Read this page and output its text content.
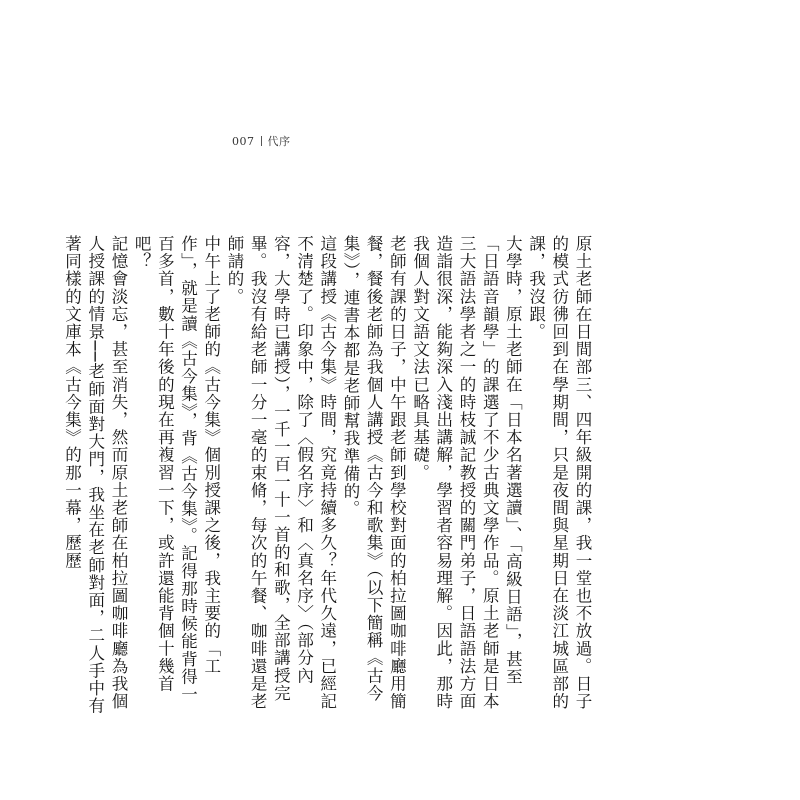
007 代序

原土老師在日間部三、四年級開的課，我一堂也不放過。日子的模式彷彿回到在學期間，只是夜間與星期日在淡江城區部的課，我沒跟。

大學時，原土老師在「日本名著選讀」、「高級日語」，甚至「日語音韻學」的課選了不少古典文學作品。原土老師是日本三大語法學者之一的時枝誠記教授的關門弟子，日語語法方面造詣很深，能夠深入淺出講解，學習者容易理解。因此，那時我個人對文語文法已略具基礎。

老師有課的日子，中午跟老師到學校對面的柏拉圖咖啡廳用簡餐，餐後老師為我個人講授《古今和歌集》（以下簡稱《古今集》），連書本都是老師幫我準備的。

這段講授《古今集》時間，究竟持續多久？年代久遠，已經記不清楚了。印象中，除了〈假名序〉和〈真名序〉（部分內容，大學時已講授），一千一百一十一首的和歌，全部講授完畢。我沒有給老師一分一毫的束脩，每次的午餐、咖啡還是老師請的。

中午上了老師的《古今集》個別授課之後，我主要的「工作」，就是讀《古今集》，背《古今集》。記得那時候能背得一百多首，數十年後的現在再複習一下，或許還能背個十幾首吧？

記憶會淡忘，甚至消失，然而原土老師在柏拉圖咖啡廳為我個人授課的情景──老師面對大門，我坐在老師對面，二人手中有著同樣的文庫本《古今集》的那一幕，歷歷
